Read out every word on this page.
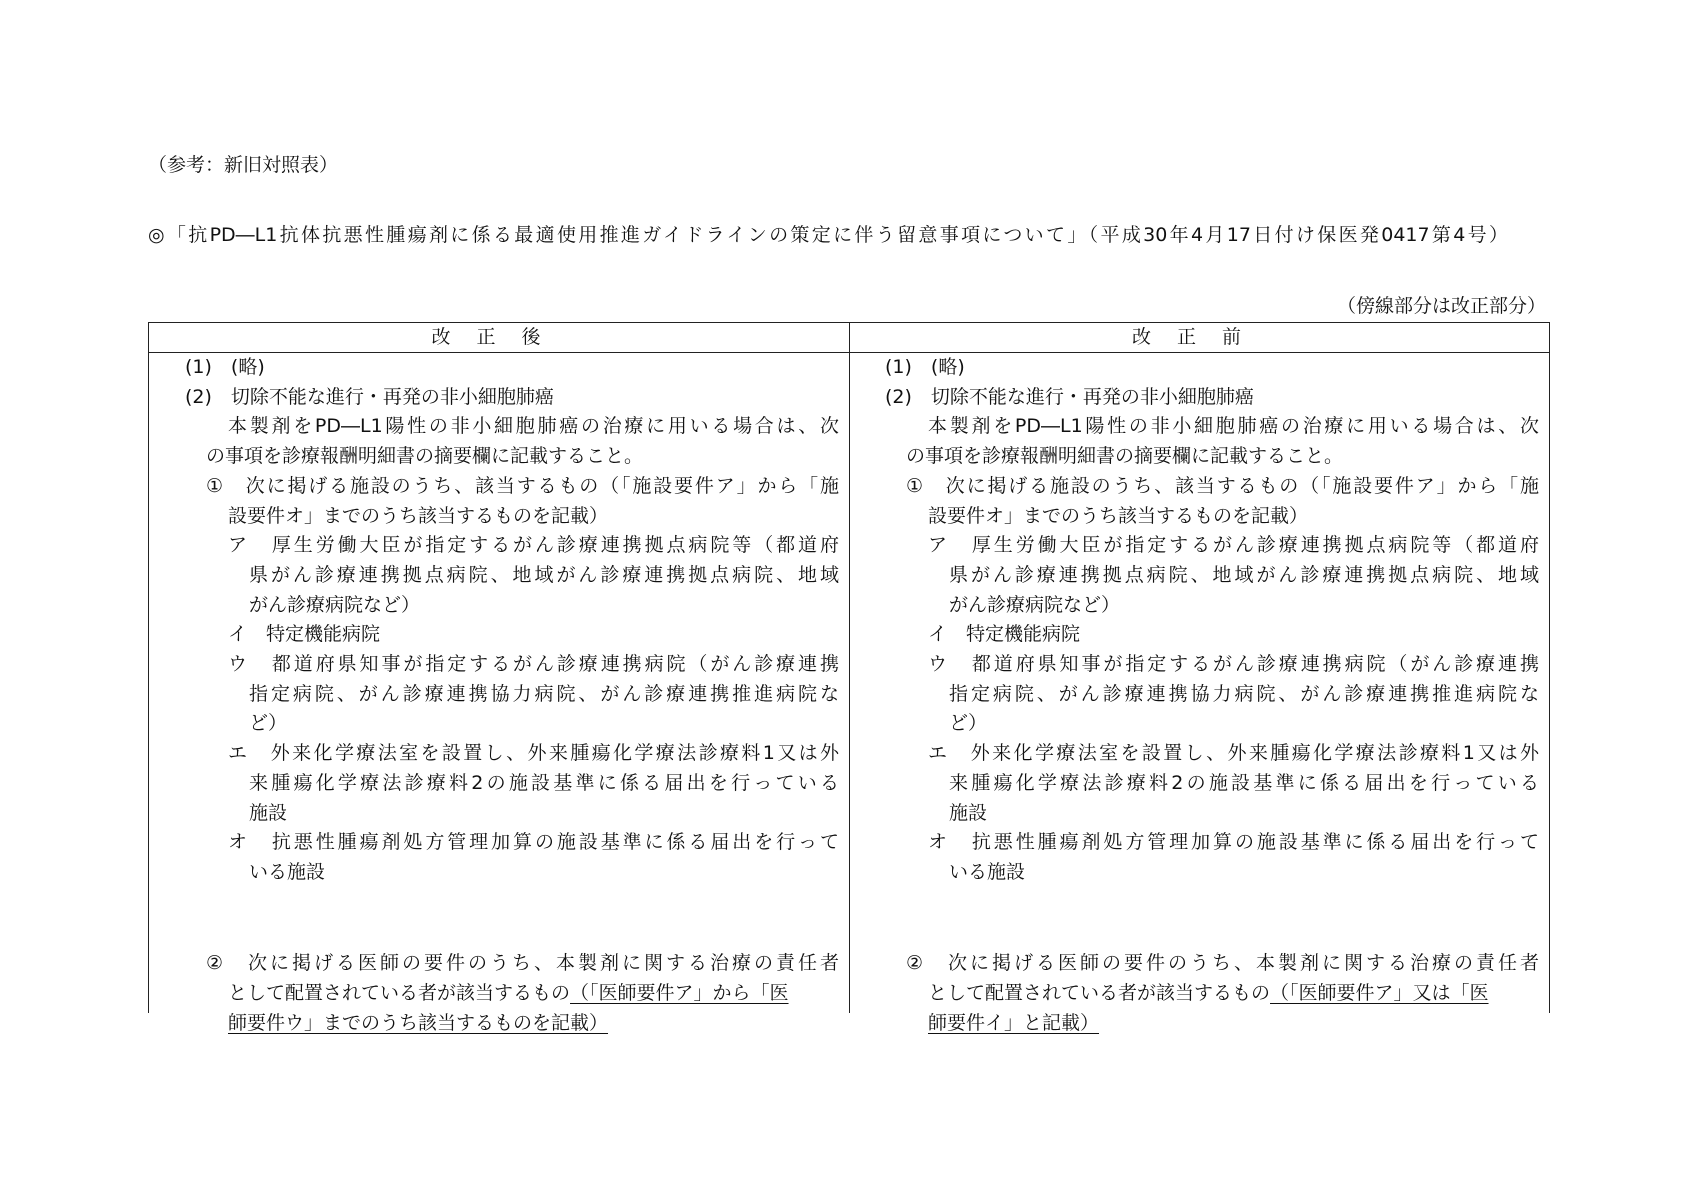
（参考：新旧対照表）
◎「抗PD―L1抗体抗悪性腫瘍剤に係る最適使用推進ガイドラインの策定に伴う留意事項について」（平成30年4月17日付け保医発0417第4号）
（傍線部分は改正部分）
改正後	改正前
(1)　(略)
(2)　切除不能な進行・再発の非小細胞肺癌
本製剤をPD―L1陽性の非小細胞肺癌の治療に用いる場合は、次
の事項を診療報酬明細書の摘要欄に記載すること。
①　次に掲げる施設のうち、該当するもの（「施設要件ア」から「施
設要件オ」までのうち該当するものを記載）
ア　厚生労働大臣が指定するがん診療連携拠点病院等（都道府
県がん診療連携拠点病院、地域がん診療連携拠点病院、地域
がん診療病院など）
イ　特定機能病院
ウ　都道府県知事が指定するがん診療連携病院（がん診療連携
指定病院、がん診療連携協力病院、がん診療連携推進病院な
ど）
エ　外来化学療法室を設置し、外来腫瘍化学療法診療料1又は外
来腫瘍化学療法診療料2の施設基準に係る届出を行っている
施設
オ　抗悪性腫瘍剤処方管理加算の施設基準に係る届出を行って
いる施設
②　次に掲げる医師の要件のうち、本製剤に関する治療の責任者
として配置されている者が該当するもの（「医師要件ア」から「医
師要件ウ」までのうち該当するものを記載）
(1)　(略)
(2)　切除不能な進行・再発の非小細胞肺癌
本製剤をPD―L1陽性の非小細胞肺癌の治療に用いる場合は、次
の事項を診療報酬明細書の摘要欄に記載すること。
①　次に掲げる施設のうち、該当するもの（「施設要件ア」から「施
設要件オ」までのうち該当するものを記載）
ア　厚生労働大臣が指定するがん診療連携拠点病院等（都道府
県がん診療連携拠点病院、地域がん診療連携拠点病院、地域
がん診療病院など）
イ　特定機能病院
ウ　都道府県知事が指定するがん診療連携病院（がん診療連携
指定病院、がん診療連携協力病院、がん診療連携推進病院な
ど）
エ　外来化学療法室を設置し、外来腫瘍化学療法診療料1又は外
来腫瘍化学療法診療料2の施設基準に係る届出を行っている
施設
オ　抗悪性腫瘍剤処方管理加算の施設基準に係る届出を行って
いる施設
②　次に掲げる医師の要件のうち、本製剤に関する治療の責任者
として配置されている者が該当するもの（「医師要件ア」又は「医
師要件イ」と記載）
